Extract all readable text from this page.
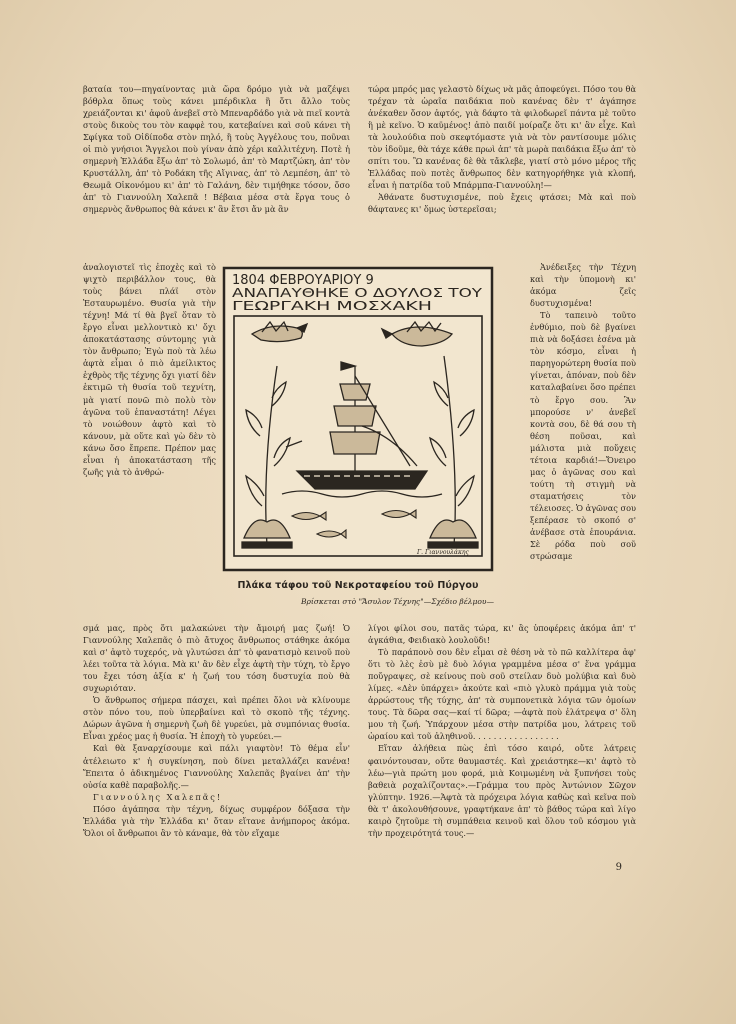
βαταία του—πηγαίνοντας μιὰ ὥρα δρόμο γιὰ νὰ μαζέψει βόθρλα ὅπως τοὺς κάνει μπέρδικλα ἢ ὅτι ἄλλο τοὺς χρειάζονται κι' ἀφοῦ ἀνεβεῖ στὸ Μπεναρδάδο γιὰ νὰ πιεῖ κοντὰ στοὺς δικοὺς του τὸν καφφὲ του, κατεβαίνει καὶ σοῦ κάνει τὴ Σφίγκα τοῦ Οἰδίποδα στὸν πηλό, ἢ τοὺς Ἀγγέλους του, ποῦναι οἱ πιὸ γνήσιοι Ἄγγελοι ποὺ γίναν ἀπὸ χέρι καλλιτέχνη. Ποτὲ ἡ σημερνὴ Ἑλλάδα ἔξω ἀπ' τὸ Σολωμό, ἀπ' τὸ Μαρτζώκη, ἀπ' τὸν Κρυστάλλη, ἀπ' τὸ Ροδάκη τῆς Αἴγινας, ἀπ' τὸ Λεμπέση, ἀπ' τὸ Θεωμᾶ Οἰκονόμου κι' ἀπ' τὸ Γαλάνη, δὲν τιμήθηκε τόσον, ὅσο ἀπ' τὸ Γιαννούλη Χαλεπᾶ ! Βέβαια μέσα στὰ ἔργα τους ὁ σημερνὸς ἄνθρωπος θὰ κάνει κ' ἂν ἔτσι ἄν μὰ ἂν

ἀναλογιστεῖ τὶς ἐποχὲς καὶ τὸ ψιχτὸ περιβάλλον τους, θὰ τοὺς βάνει πλάϊ στὸν Ἐσταυρωμένο. Θυσία γιὰ τὴν τέχνη! Μά τί θὰ βγεῖ ὅταν τὸ ἔργο εἶναι μελλοντικὸ κι' ὄχι ἀποκατάστασης σύντομης γιὰ τὸν ἄνθρωπο; Ἐγὼ ποὺ τὰ λέω ἀφτὰ εἶμαι ὁ πιὸ ἀμείλικτος ἐχθρὸς τῆς τέχνης ὄχι γιατί δὲν ἐκτιμῶ τὴ θυσία τοῦ τεχνίτη, μὰ γιατί πονῶ πιὸ πολὺ τὸν ἀγῶνα τοῦ ἐπαναστάτη! Λέγει τὸ νοιώθουν ἀφτὸ καὶ τὸ κάνουν, μὰ οὔτε καὶ γὼ δὲν τὸ κάνω ὅσο ἔπρεπε. Πρέπον μας εἶναι ἡ ἀποκατάσταση τῆς ζωῆς γιὰ τὸ ἀνθρώ-

1804 ΦΕΒΡΟΥΑΡΙΟΥ 9
ΑΝΑΠΑΥΘΗΚΕ Ο ΔΟΥΛΟΣ ΤΟΥ
ΓΕΩΡΓΑΚΗ ΜΟΣΧΑΚΗ
Γ. Γιαννουλάκης
Πλάκα τάφου τοῦ Νεκροταφείου τοῦ Πύργου
Βρίσκεται στὸ "Ἄσυλον Τέχνης"—Σχέδιο βέλμου—

σμά μας, πρὸς ὅτι μαλακώνει τὴν ἄμοιρή μας ζωή! Ὁ Γιαννούλης Χαλεπᾶς ὁ πιὸ ἄτυχος ἄνθρωπος στάθηκε ἀκόμα καὶ σ' ἀφτὸ τυχερός, νὰ γλυτώσει ἀπ' τὸ φανατισμὸ κεινοῦ ποὺ λέει τοῦτα τὰ λόγια. Μὰ κι' ἂν δὲν εἶχε ἀφτὴ τὴν τύχη, τὸ ἔργο του ἔχει τόση ἀξία κ' ἡ ζωή του τόση δυστυχία ποὺ θὰ συχωριόταν.

Ὁ ἄνθρωπος σήμερα πάσχει, καὶ πρέπει ὅλοι νὰ κλίνουμε στὸν πόνο του, ποὺ ὑπερβαίνει καὶ τὸ σκοπὸ τῆς τέχνης. Δώρων ἀγῶνα ἡ σημερνὴ ζωὴ δὲ γυρεύει, μὰ συμπόνιας θυσία. Εἶναι χρέος μας ἡ θυσία. Ἡ ἐποχὴ τὸ γυρεύει.—

Καὶ θὰ ξαναρχίσουμε καὶ πάλι γιαφτὸν! Τὸ θέμα εἶν' ἀτέλειωτο κ' ἡ συγκίνηση, ποὺ δίνει μεταλλάζει κανένα! Ἔπειτα ὁ ἀδικημένος Γιαννούλης Χαλεπᾶς βγαίνει ἀπ' τὴν οὐσία καθὲ παραβολῆς.—

Γιαννούλης Χαλεπᾶς!

Πόσο ἀγάπησα τὴν τέχνη, δίχως συμφέρον δόξασα τὴν Ἑλλάδα γιὰ τὴν Ἑλλάδα κι' ὅταν εἴτανε ἀνήμπορος ἀκόμα. Ὅλοι οἱ ἄνθρωποι ἂν τὸ κάναμε, θὰ τὸν εἴχαμε

τώρα μπρός μας γελαστὸ δίχως νὰ μᾶς ἀποφεύγει. Πόσο του θὰ τρέχαν τὰ ὡραῖα παιδάκια ποὺ κανένας δὲν τ' ἀγάπησε ἀνέκαθεν ὅσον ἀφτός, γιὰ δάφτο τὰ φιλοδωρεῖ πάντα μὲ τοῦτο ἢ μὲ κεῖνο. Ὁ καϋμένος! ἀπὸ παιδί μοίραζε ὅτι κι' ἂν εἶχε. Καὶ τὰ λουλούδια ποὺ σκεφτόμαστε γιὰ νὰ τὸν ραντίσουμε μόλις τὸν ἰδοῦμε, θὰ τάχε κάθε πρωὶ ἀπ' τὰ μωρὰ παιδάκια ἔξω ἀπ' τὸ σπίτι του. Ὢ κανένας δὲ θὰ τἄκλεβε, γιατί στὸ μόνο μέρος τῆς Ἑλλάδας ποὺ ποτὲς ἄνθρωπος δὲν κατηγορήθηκε γιὰ κλοπή, εἶναι ἡ πατρίδα τοῦ Μπάρμπα-Γιαννούλη!—

Ἀθάνατε δυστυχισμένε, ποὺ ἔχεις φτάσει; Μὰ καὶ ποὺ θάφτανες κι' ὅμως ὑστερεῖσαι;

Ἀνέδειξες τὴν Τέχνη καὶ τὴν ὑπομονὴ κι' ἀκόμα ζεῖς δυστυχισμένα!

Τὸ ταπεινὸ τοῦτο ἐνθύμιο, ποὺ δὲ βγαίνει πιὰ νὰ δοξάσει ἐσένα μὰ τὸν κόσμο, εἶναι ἡ παρηγορώτερη θυσία ποὺ γίνεται, ἀπόναν, ποὺ δὲν καταλαβαίνει ὅσο πρέπει τὸ ἔργο σου. Ἂν μπορούσε ν' ἀνεβεῖ κοντὰ σου, δὲ θά σου τὴ θέση ποῦσαι, καὶ μάλιστα μιὰ ποὔχεις τέτοια καρδιά!—Ὄνειρο μας ὁ ἀγῶνας σου καὶ τούτη τὴ στιγμὴ νὰ σταματήσεις τὸν τέλειοσες. Ὁ ἀγῶνας σου ξεπέρασε τὸ σκοπό σ' ἀνέβασε στὰ ἐπουράνια. Σὲ ρόδα ποὺ σοῦ στρώσαμε

λίγοι φίλοι σου, πατᾶς τώρα, κι' ἂς ὑποφέρεις ἀκόμα ἀπ' τ' ἀγκάθια, Φειδιακὸ λουλοῦδι!

Τὸ παράπονὸ σου δὲν εἶμαι σὲ θέση νὰ τὸ πῶ καλλίτερα ἀφ' ὅτι τὸ λὲς ἐσὺ μὲ δυὸ λόγια γραμμένα μέσα σ' ἕνα γράμμα ποὔγραψες, σὲ κείνους ποὺ σοῦ στείλαν δυὸ μολύβια καὶ δυὸ λίμες. «Δὲν ὑπάρχει» ἀκούτε καὶ «πιὸ γλυκὸ πράμμα γιὰ τοὺς ἀρρώστους τῆς τύχης, ἀπ' τὰ συμπονετικὰ λόγια τῶν ὁμοίων τους. Τὰ δῶρα σας—καί τί δῶρα; —ἀφτὰ ποὺ ἐλάτρεψα σ' ὅλη μου τὴ ζωή. Ὑπάρχουν μέσα στὴν πατρίδα μου, λάτρεις τοῦ ὡραίου καὶ τοῦ ἀληθινοῦ. . . . . . . . . . . . . . . . .

Εἴταν ἀλήθεια πὼς ἐπὶ τόσο καιρό, οὔτε λάτρεις φαινόντουσαν, οὔτε θαυμαστές. Καὶ χρειάστηκε—κι' ἀφτὸ τὸ λέω—γιὰ πρώτη μου φορά, μιὰ Κοιμωμένη νὰ ξυπνήσει τοὺς βαθειὰ ροχαλίζοντας».—Γράμμα του πρὸς Ἀντώνιον Σῶχον γλύπτην. 1926.—Ἀφτὰ τὰ πρόχειρα λόγια καθὼς καὶ κεῖνα ποὺ θὰ τ' ἀκολουθήσουνε, γραφτήκανε ἀπ' τὸ βάθος τώρα καὶ λίγο καιρὸ ζητοῦμε τὴ συμπάθεια κεινοῦ καὶ ὅλου τοῦ κόσμου γιὰ τὴν προχειρότητά τους.—

9
